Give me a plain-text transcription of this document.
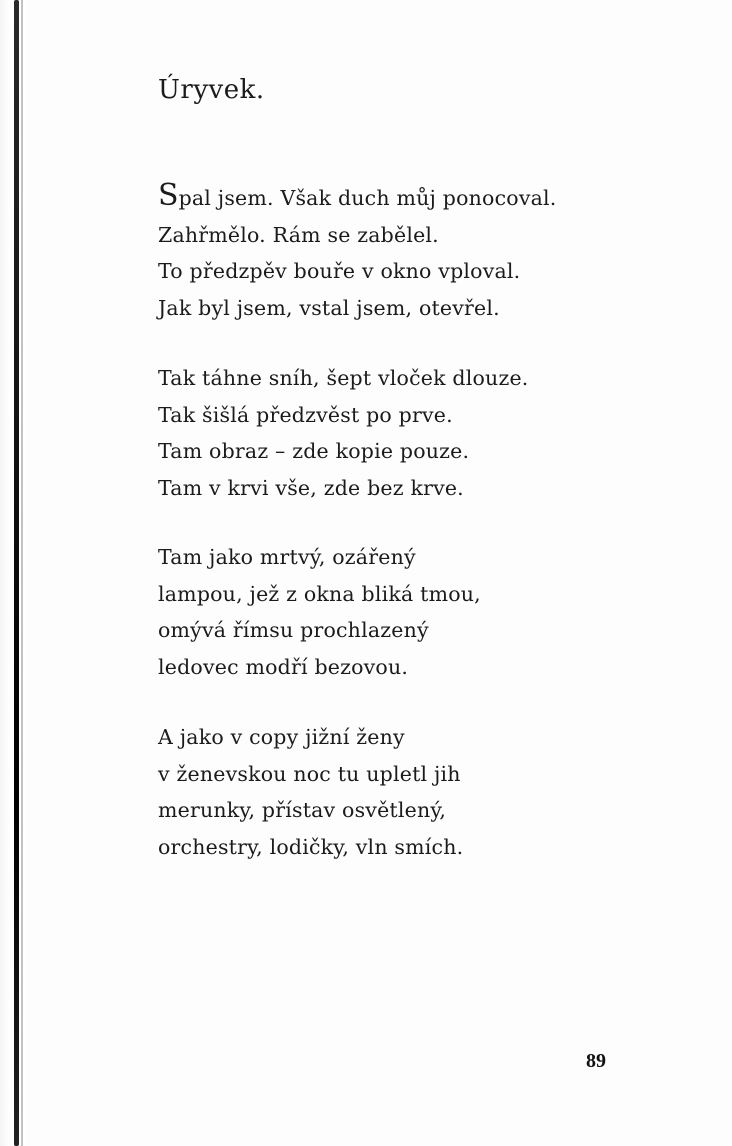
Úryvek.
Spal jsem. Však duch můj ponocoval.
Zahřmělo. Rám se zabělel.
To předzpěv bouře v okno vploval.
Jak byl jsem, vstal jsem, otevřel.
Tak táhne sníh, šept vloček dlouze.
Tak šišlá předzvěst po prve.
Tam obraz – zde kopie pouze.
Tam v krvi vše, zde bez krve.
Tam jako mrtvý, ozářený
lampou, jež z okna bliká tmou,
omývá římsu prochlazený
ledovec modří bezovou.
A jako v copy jižní ženy
v ženevskou noc tu upletl jih
merunky, přístav osvětlený,
orchestry, lodičky, vln smích.
89
